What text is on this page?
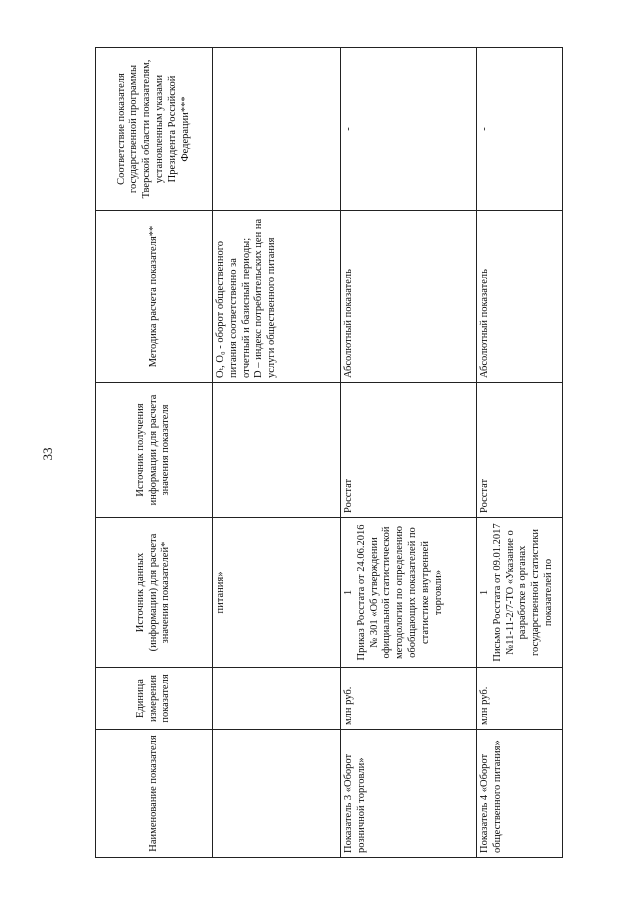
33
Наименование показателя	Единица измерения показателя	Источник данных (информации) для расчета значения показателей*	Источник получения информации для расчета значения показателя	Методика расчета показателя**	Соответствие показателя государственной программы Тверской области показателям, установленным указами Президента Российской Федерации***
		питания»		Оₜ, О₀ - оборот общественного питания соответственно за отчетный и базисный периоды; D – индекс потребительских цен на услуги общественного питания	

Показатель 3 «Оборот розничной торговли»	млн руб.	1 Приказ Росстата от 24.06.2016 № 301 «Об утверждении официальной статистической методологии по определению обобщающих показателей по статистике внутренней торговли»	Росстат	Абсолютный показатель	-
Показатель 4 «Оборот общественного питания»	млн руб.	1 Письмо Росстата от 09.01.2017 №11-11-2/7-ТО «Указание о разработке в органах государственной статистики показателей по	Росстат	Абсолютный показатель	-
